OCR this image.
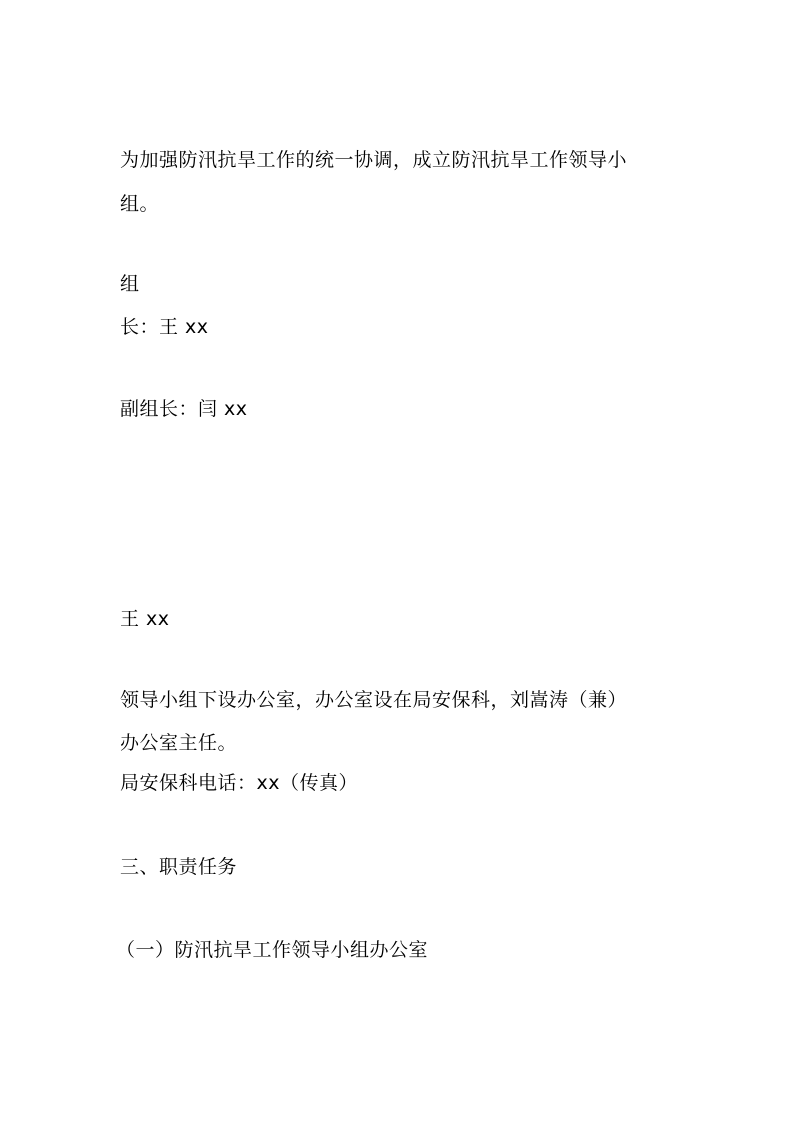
为加强防汛抗旱工作的统一协调，成立防汛抗旱工作领导小
组。
组
长：王 xx
副组长：闫 xx
王 xx
领导小组下设办公室，办公室设在局安保科，刘嵩涛（兼）
办公室主任。
局安保科电话：xx（传真）
三、职责任务
（一）防汛抗旱工作领导小组办公室
